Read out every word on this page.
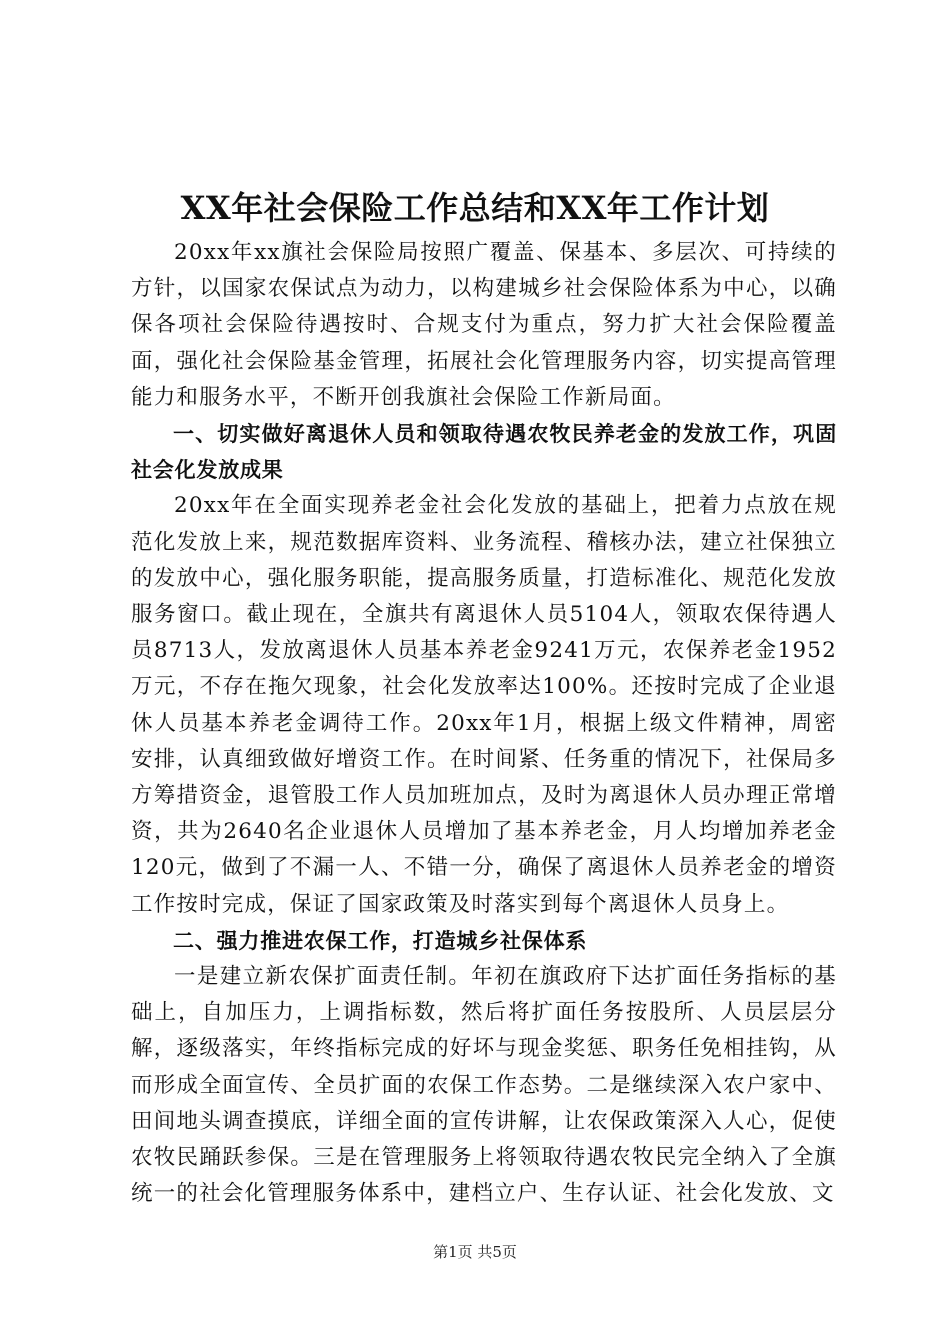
XX年社会保险工作总结和XX年工作计划

20xx年xx旗社会保险局按照广覆盖、保基本、多层次、可持续的方针，以国家农保试点为动力，以构建城乡社会保险体系为中心，以确保各项社会保险待遇按时、合规支付为重点，努力扩大社会保险覆盖面，强化社会保险基金管理，拓展社会化管理服务内容，切实提高管理能力和服务水平，不断开创我旗社会保险工作新局面。

一、切实做好离退休人员和领取待遇农牧民养老金的发放工作，巩固社会化发放成果

20xx年在全面实现养老金社会化发放的基础上，把着力点放在规范化发放上来，规范数据库资料、业务流程、稽核办法，建立社保独立的发放中心，强化服务职能，提高服务质量，打造标准化、规范化发放服务窗口。截止现在，全旗共有离退休人员5104人，领取农保待遇人员8713人，发放离退休人员基本养老金9241万元，农保养老金1952万元，不存在拖欠现象，社会化发放率达100%。还按时完成了企业退休人员基本养老金调待工作。20xx年1月，根据上级文件精神，周密安排，认真细致做好增资工作。在时间紧、任务重的情况下，社保局多方筹措资金，退管股工作人员加班加点，及时为离退休人员办理正常增资，共为2640名企业退休人员增加了基本养老金，月人均增加养老金120元，做到了不漏一人、不错一分，确保了离退休人员养老金的增资工作按时完成，保证了国家政策及时落实到每个离退休人员身上。

二、强力推进农保工作，打造城乡社保体系

一是建立新农保扩面责任制。年初在旗政府下达扩面任务指标的基础上，自加压力，上调指标数，然后将扩面任务按股所、人员层层分解，逐级落实，年终指标完成的好坏与现金奖惩、职务任免相挂钩，从而形成全面宣传、全员扩面的农保工作态势。二是继续深入农户家中、田间地头调查摸底，详细全面的宣传讲解，让农保政策深入人心，促使农牧民踊跃参保。三是在管理服务上将领取待遇农牧民完全纳入了全旗统一的社会化管理服务体系中，建档立户、生存认证、社会化发放、文

第1页 共5页
